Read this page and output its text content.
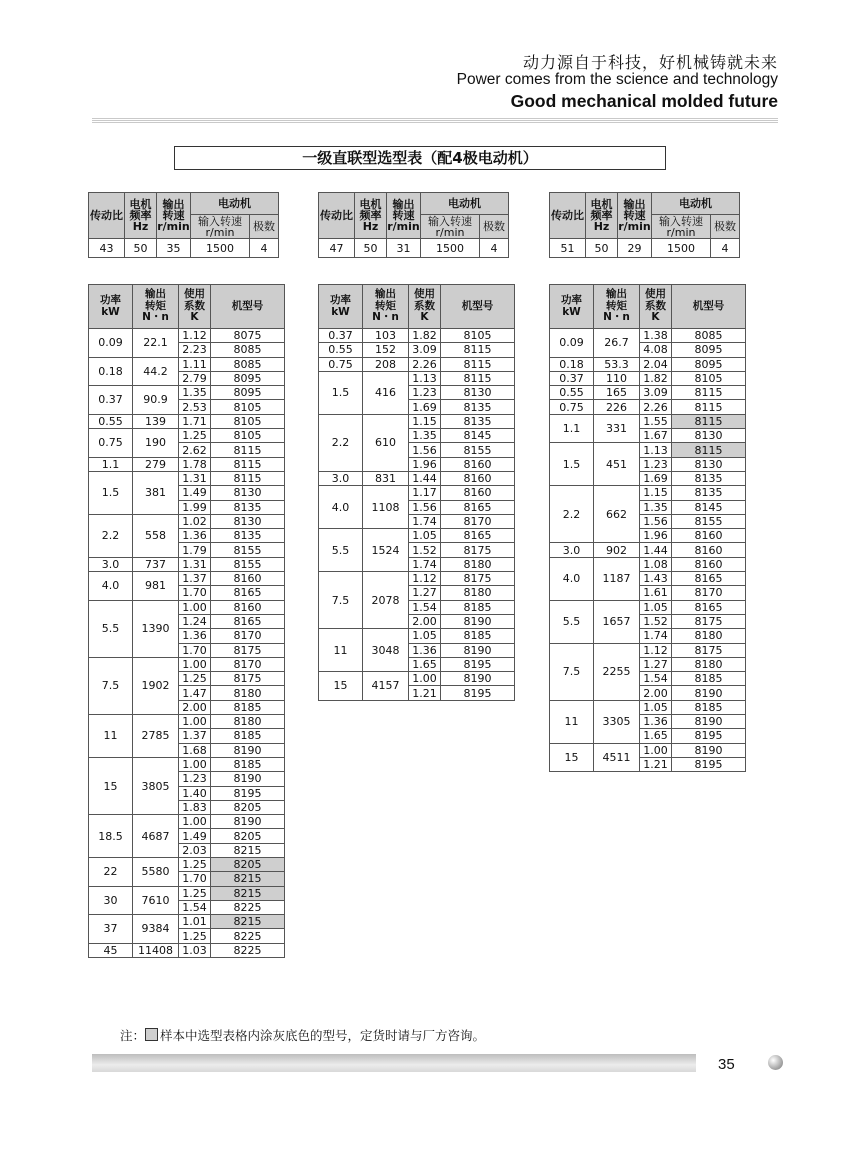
动力源自于科技，好机械铸就未来
Power comes from the science and technology
Good mechanical molded future
一级直联型选型表（配4极电动机）
传动比	电机
频率
Hz	输出
转速
r/min	电动机	

			输入转速
r/min	极数
43	50	35	1500	4
传动比	电机
频率
Hz	输出
转速
r/min	电动机	

			输入转速
r/min	极数
47	50	31	1500	4
传动比	电机
频率
Hz	输出
转速
r/min	电动机	

			输入转速
r/min	极数
51	50	29	1500	4
功率
kW	输出
转矩
N・n	使用
系数
K	机型号
0.09	22.1	1.12	8075
		2.23	8085
0.18	44.2	1.11	8085
		2.79	8095
0.37	90.9	1.35	8095
		2.53	8105
0.55	139	1.71	8105
0.75	190	1.25	8105
		2.62	8115
1.1	279	1.78	8115
1.5	381	1.31	8115
		1.49	8130
		1.99	8135
2.2	558	1.02	8130
		1.36	8135
		1.79	8155
3.0	737	1.31	8155
4.0	981	1.37	8160
		1.70	8165
5.5	1390	1.00	8160
		1.24	8165
		1.36	8170
		1.70	8175
7.5	1902	1.00	8170
		1.25	8175
		1.47	8180
		2.00	8185
11	2785	1.00	8180
		1.37	8185
		1.68	8190
15	3805	1.00	8185
		1.23	8190
		1.40	8195
		1.83	8205
18.5	4687	1.00	8190
		1.49	8205
		2.03	8215
22	5580	1.25	8205
		1.70	8215
30	7610	1.25	8215
		1.54	8225
37	9384	1.01	8215
		1.25	8225
45	11408	1.03	8225
功率
kW	输出
转矩
N・n	使用
系数
K	机型号
0.37	103	1.82	8105
0.55	152	3.09	8115
0.75	208	2.26	8115
1.5	416	1.13	8115
		1.23	8130
		1.69	8135
2.2	610	1.15	8135
		1.35	8145
		1.56	8155
		1.96	8160
3.0	831	1.44	8160
4.0	1108	1.17	8160
		1.56	8165
		1.74	8170
5.5	1524	1.05	8165
		1.52	8175
		1.74	8180
7.5	2078	1.12	8175
		1.27	8180
		1.54	8185
		2.00	8190
11	3048	1.05	8185
		1.36	8190
		1.65	8195
15	4157	1.00	8190
		1.21	8195
功率
kW	输出
转矩
N・n	使用
系数
K	机型号
0.09	26.7	1.38	8085
		4.08	8095
0.18	53.3	2.04	8095
0.37	110	1.82	8105
0.55	165	3.09	8115
0.75	226	2.26	8115
1.1	331	1.55	8115
		1.67	8130
1.5	451	1.13	8115
		1.23	8130
		1.69	8135
2.2	662	1.15	8135
		1.35	8145
		1.56	8155
		1.96	8160
3.0	902	1.44	8160
4.0	1187	1.08	8160
		1.43	8165
		1.61	8170
5.5	1657	1.05	8165
		1.52	8175
		1.74	8180
7.5	2255	1.12	8175
		1.27	8180
		1.54	8185
		2.00	8190
11	3305	1.05	8185
		1.36	8190
		1.65	8195
15	4511	1.00	8190
		1.21	8195
注： 样本中选型表格内涂灰底色的型号，定货时请与厂方咨询。
35
